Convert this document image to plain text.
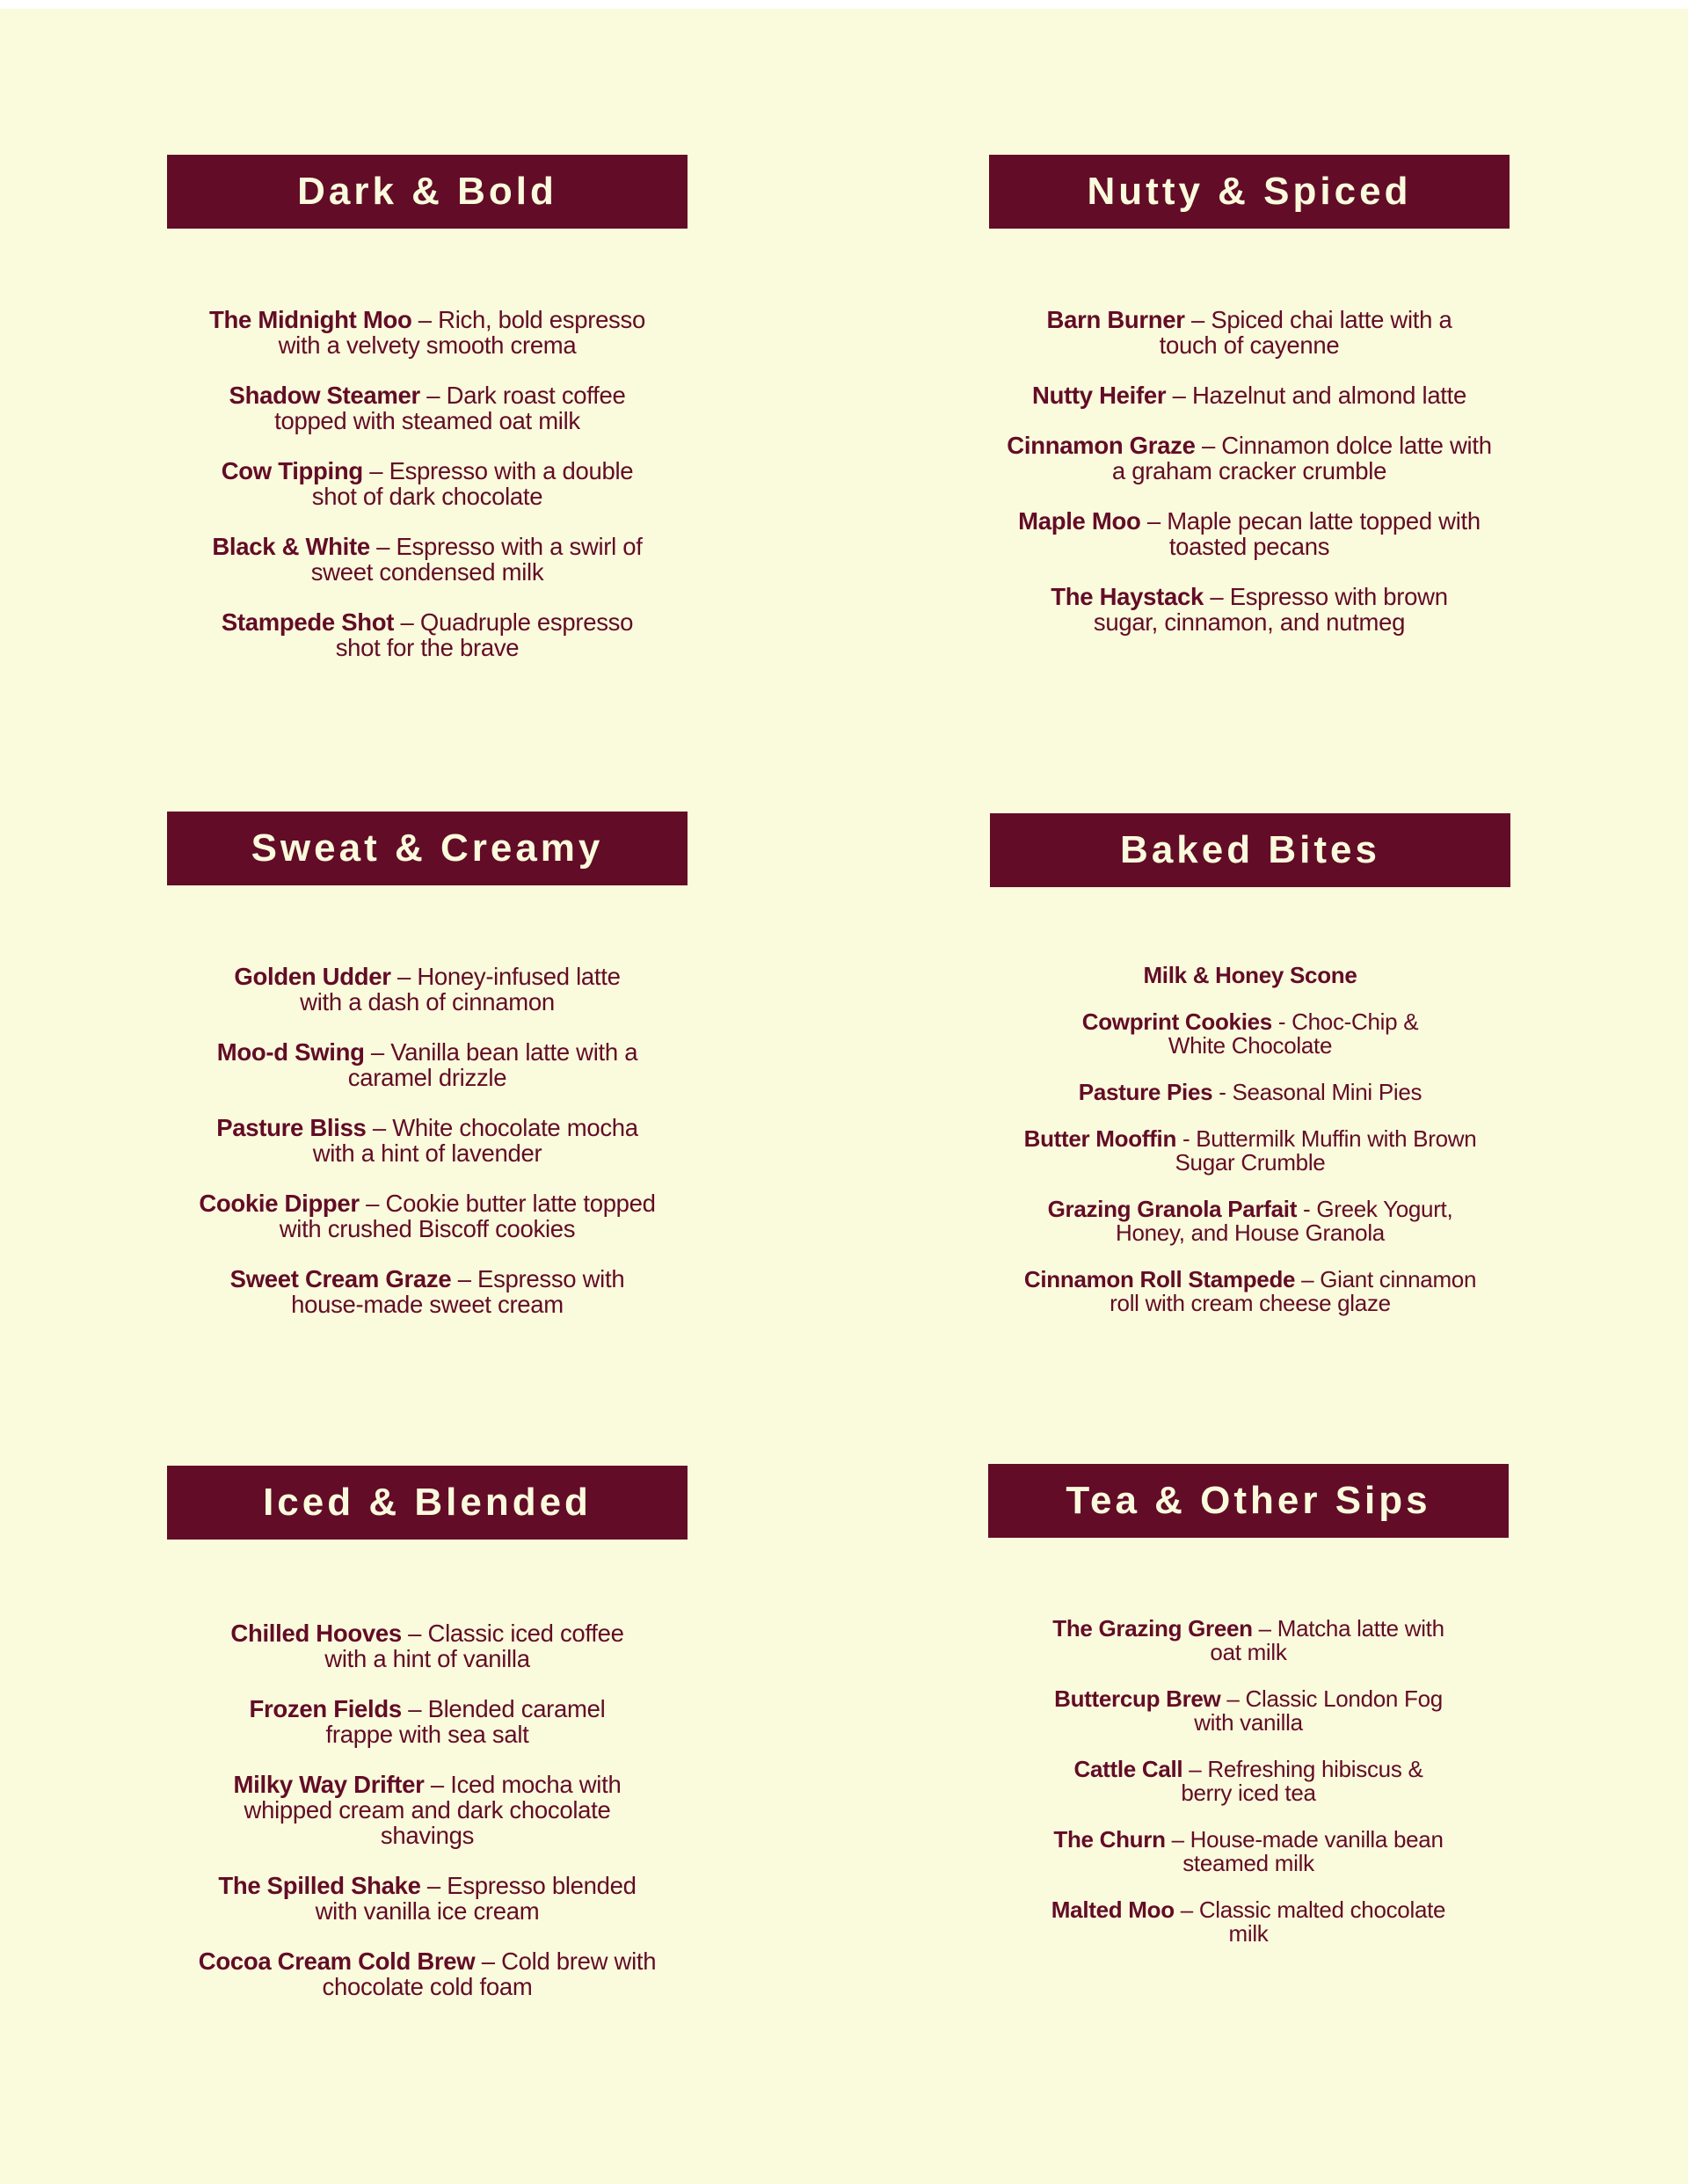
Dark & Bold
The Midnight Moo – Rich, bold espresso with a velvety smooth crema
Shadow Steamer – Dark roast coffee topped with steamed oat milk
Cow Tipping – Espresso with a double shot of dark chocolate
Black & White – Espresso with a swirl of sweet condensed milk
Stampede Shot – Quadruple espresso shot for the brave
Nutty & Spiced
Barn Burner – Spiced chai latte with a touch of cayenne
Nutty Heifer – Hazelnut and almond latte
Cinnamon Graze – Cinnamon dolce latte with a graham cracker crumble
Maple Moo – Maple pecan latte topped with toasted pecans
The Haystack – Espresso with brown sugar, cinnamon, and nutmeg
Sweat & Creamy
Golden Udder – Honey-infused latte with a dash of cinnamon
Moo-d Swing – Vanilla bean latte with a caramel drizzle
Pasture Bliss – White chocolate mocha with a hint of lavender
Cookie Dipper – Cookie butter latte topped with crushed Biscoff cookies
Sweet Cream Graze – Espresso with house-made sweet cream
Baked Bites
Milk & Honey Scone
Cowprint Cookies - Choc-Chip & White Chocolate
Pasture Pies - Seasonal Mini Pies
Butter Mooffin - Buttermilk Muffin with Brown Sugar Crumble
Grazing Granola Parfait - Greek Yogurt, Honey, and House Granola
Cinnamon Roll Stampede – Giant cinnamon roll with cream cheese glaze
Iced & Blended
Chilled Hooves – Classic iced coffee with a hint of vanilla
Frozen Fields – Blended caramel frappe with sea salt
Milky Way Drifter – Iced mocha with whipped cream and dark chocolate shavings
The Spilled Shake – Espresso blended with vanilla ice cream
Cocoa Cream Cold Brew – Cold brew with chocolate cold foam
Tea & Other Sips
The Grazing Green – Matcha latte with oat milk
Buttercup Brew – Classic London Fog with vanilla
Cattle Call – Refreshing hibiscus & berry iced tea
The Churn – House-made vanilla bean steamed milk
Malted Moo – Classic malted chocolate milk
